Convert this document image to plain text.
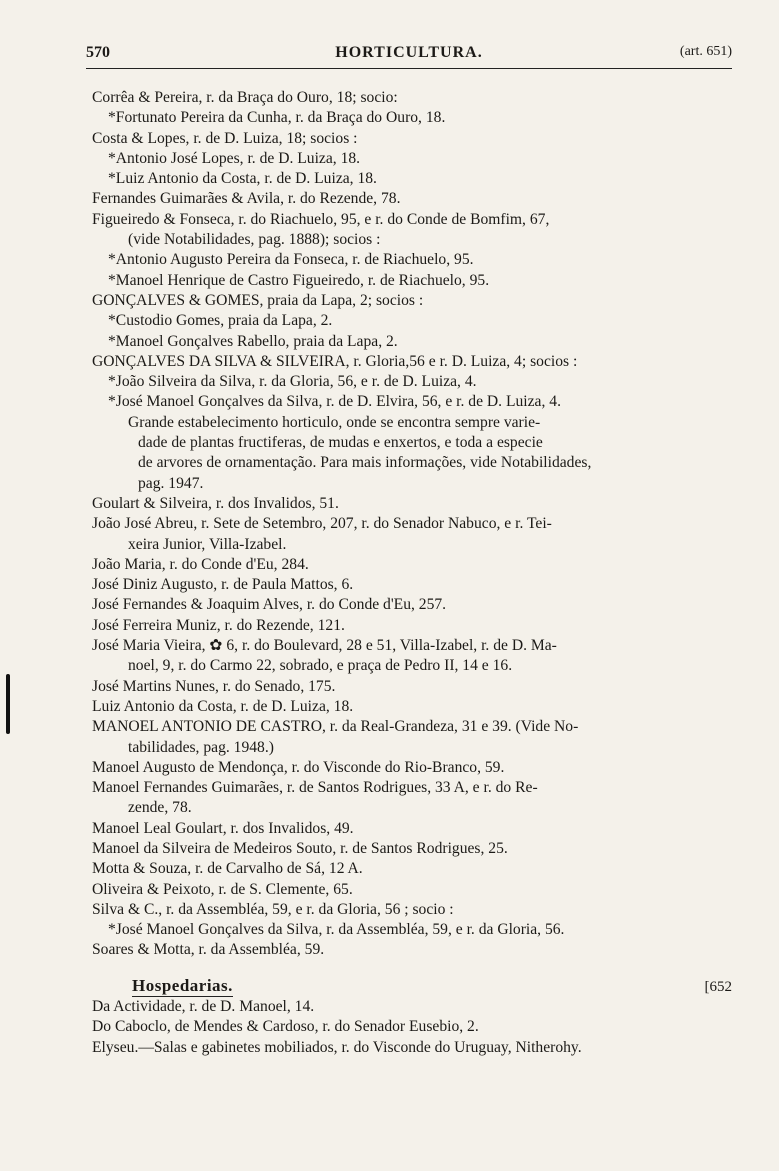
570	HORTICULTURA.	(art. 651)
Corrêa & Pereira, r. da Braça do Ouro, 18; socio:
*Fortunato Pereira da Cunha, r. da Braça do Ouro, 18.
Costa & Lopes, r. de D. Luiza, 18; socios :
*Antonio José Lopes, r. de D. Luiza, 18.
*Luiz Antonio da Costa, r. de D. Luiza, 18.
Fernandes Guimarães & Avila, r. do Rezende, 78.
Figueiredo & Fonseca, r. do Riachuelo, 95, e r. do Conde de Bomfim, 67,
(vide Notabilidades, pag. 1888); socios :
*Antonio Augusto Pereira da Fonseca, r. de Riachuelo, 95.
*Manoel Henrique de Castro Figueiredo, r. de Riachuelo, 95.
GONÇALVES & GOMES, praia da Lapa, 2; socios :
*Custodio Gomes, praia da Lapa, 2.
*Manoel Gonçalves Rabello, praia da Lapa, 2.
GONÇALVES DA SILVA & SILVEIRA, r. Gloria,56 e r. D. Luiza, 4; socios :
*João Silveira da Silva, r. da Gloria, 56, e r. de D. Luiza, 4.
*José Manoel Gonçalves da Silva, r. de D. Elvira, 56, e r. de D. Luiza, 4.
Grande estabelecimento horticulo, onde se encontra sempre varie-
dade de plantas fructiferas, de mudas e enxertos, e toda a especie
de arvores de ornamentação. Para mais informações, vide Notabilidades,
pag. 1947.
Goulart & Silveira, r. dos Invalidos, 51.
João José Abreu, r. Sete de Setembro, 207, r. do Senador Nabuco, e r. Tei-
xeira Junior, Villa-Izabel.
João Maria, r. do Conde d'Eu, 284.
José Diniz Augusto, r. de Paula Mattos, 6.
José Fernandes & Joaquim Alves, r. do Conde d'Eu, 257.
José Ferreira Muniz, r. do Rezende, 121.
José Maria Vieira, ✿ 6, r. do Boulevard, 28 e 51, Villa-Izabel, r. de D. Ma-
noel, 9, r. do Carmo 22, sobrado, e praça de Pedro II, 14 e 16.
José Martins Nunes, r. do Senado, 175.
Luiz Antonio da Costa, r. de D. Luiza, 18.
MANOEL ANTONIO DE CASTRO, r. da Real-Grandeza, 31 e 39. (Vide No-
tabilidades, pag. 1948.)
Manoel Augusto de Mendonça, r. do Visconde do Rio-Branco, 59.
Manoel Fernandes Guimarães, r. de Santos Rodrigues, 33 A, e r. do Re-
zende, 78.
Manoel Leal Goulart, r. dos Invalidos, 49.
Manoel da Silveira de Medeiros Souto, r. de Santos Rodrigues, 25.
Motta & Souza, r. de Carvalho de Sá, 12 A.
Oliveira & Peixoto, r. de S. Clemente, 65.
Silva & C., r. da Assembléa, 59, e r. da Gloria, 56 ; socio :
*José Manoel Gonçalves da Silva, r. da Assembléa, 59, e r. da Gloria, 56.
Soares & Motta, r. da Assembléa, 59.
Hospedarias.	[652
Da Actividade, r. de D. Manoel, 14.
Do Caboclo, de Mendes & Cardoso, r. do Senador Eusebio, 2.
Elyseu.—Salas e gabinetes mobiliados, r. do Visconde do Uruguay, Nitherohy.
